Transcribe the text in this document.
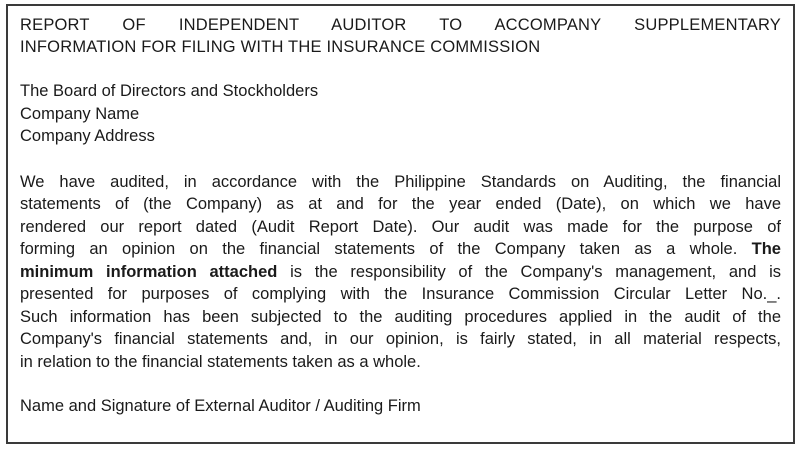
REPORT OF INDEPENDENT AUDITOR TO ACCOMPANY SUPPLEMENTARY
INFORMATION FOR FILING WITH THE INSURANCE COMMISSION
The Board of Directors and Stockholders
Company Name
Company Address
We have audited, in accordance with the Philippine Standards on Auditing, the financial
statements of (the Company) as at and for the year ended (Date), on which we have
rendered our report dated (Audit Report Date). Our audit was made for the purpose of
forming an opinion on the financial statements of the Company taken as a whole. The
minimum information attached is the responsibility of the Company's management, and is
presented for purposes of complying with the Insurance Commission Circular Letter No._.
Such information has been subjected to the auditing procedures applied in the audit of the
Company's financial statements and, in our opinion, is fairly stated, in all material respects,
in relation to the financial statements taken as a whole.
Name and Signature of External Auditor / Auditing Firm
